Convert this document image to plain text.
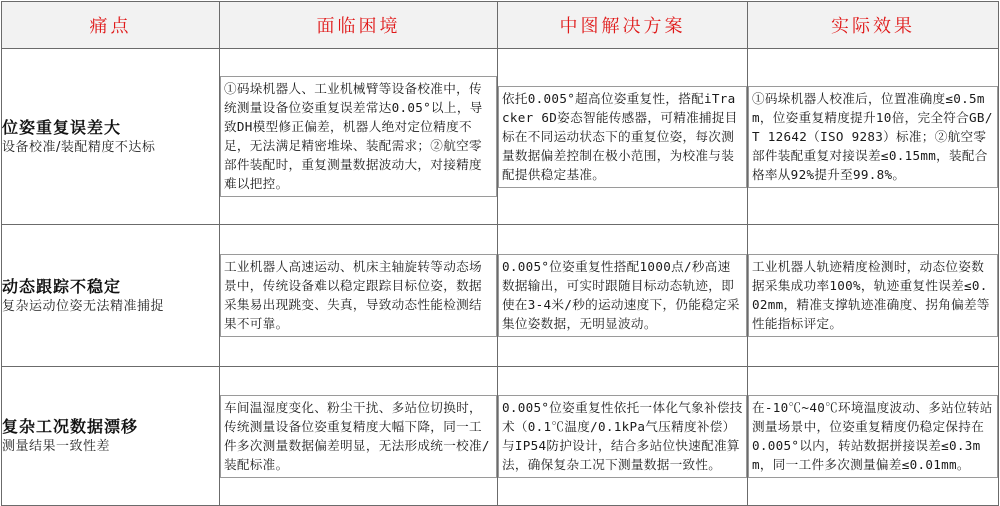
痛点	面临困境	中图解决方案	实际效果

位姿重复误差大
设备校准/装配精度不达标	①码垛机器人、工业机械臂等设备校准中，传统测量设备位姿重复误差常达0.05°以上，导致DH模型修正偏差，机器人绝对定位精度不足，无法满足精密堆垛、装配需求；②航空零部件装配时，重复测量数据波动大，对接精度难以把控。	依托0.005°超高位姿重复性，搭配iTracker 6D姿态智能传感器，可精准捕捉目标在不同运动状态下的重复位姿，每次测量数据偏差控制在极小范围，为校准与装配提供稳定基准。	①码垛机器人校准后，位置准确度≤0.5mm，位姿重复精度提升10倍，完全符合GB/T 12642（ISO 9283）标准；②航空零部件装配重复对接误差≤0.15mm，装配合格率从92%提升至99.8%。

动态跟踪不稳定
复杂运动位姿无法精准捕捉	工业机器人高速运动、机床主轴旋转等动态场景中，传统设备难以稳定跟踪目标位姿，数据采集易出现跳变、失真，导致动态性能检测结果不可靠。	0.005°位姿重复性搭配1000点/秒高速数据输出，可实时跟随目标动态轨迹，即使在3-4米/秒的运动速度下，仍能稳定采集位姿数据，无明显波动。	工业机器人轨迹精度检测时，动态位姿数据采集成功率100%，轨迹重复性误差≤0.02mm，精准支撑轨迹准确度、拐角偏差等性能指标评定。

复杂工况数据漂移
测量结果一致性差	车间温湿度变化、粉尘干扰、多站位切换时，传统测量设备位姿重复精度大幅下降，同一工件多次测量数据偏差明显，无法形成统一校准/装配标准。	0.005°位姿重复性依托一体化气象补偿技术（0.1℃温度/0.1kPa气压精度补偿）与IP54防护设计，结合多站位快速配准算法，确保复杂工况下测量数据一致性。	在-10℃~40℃环境温度波动、多站位转站测量场景中，位姿重复精度仍稳定保持在0.005°以内，转站数据拼接误差≤0.3mm，同一工件多次测量偏差≤0.01mm。
